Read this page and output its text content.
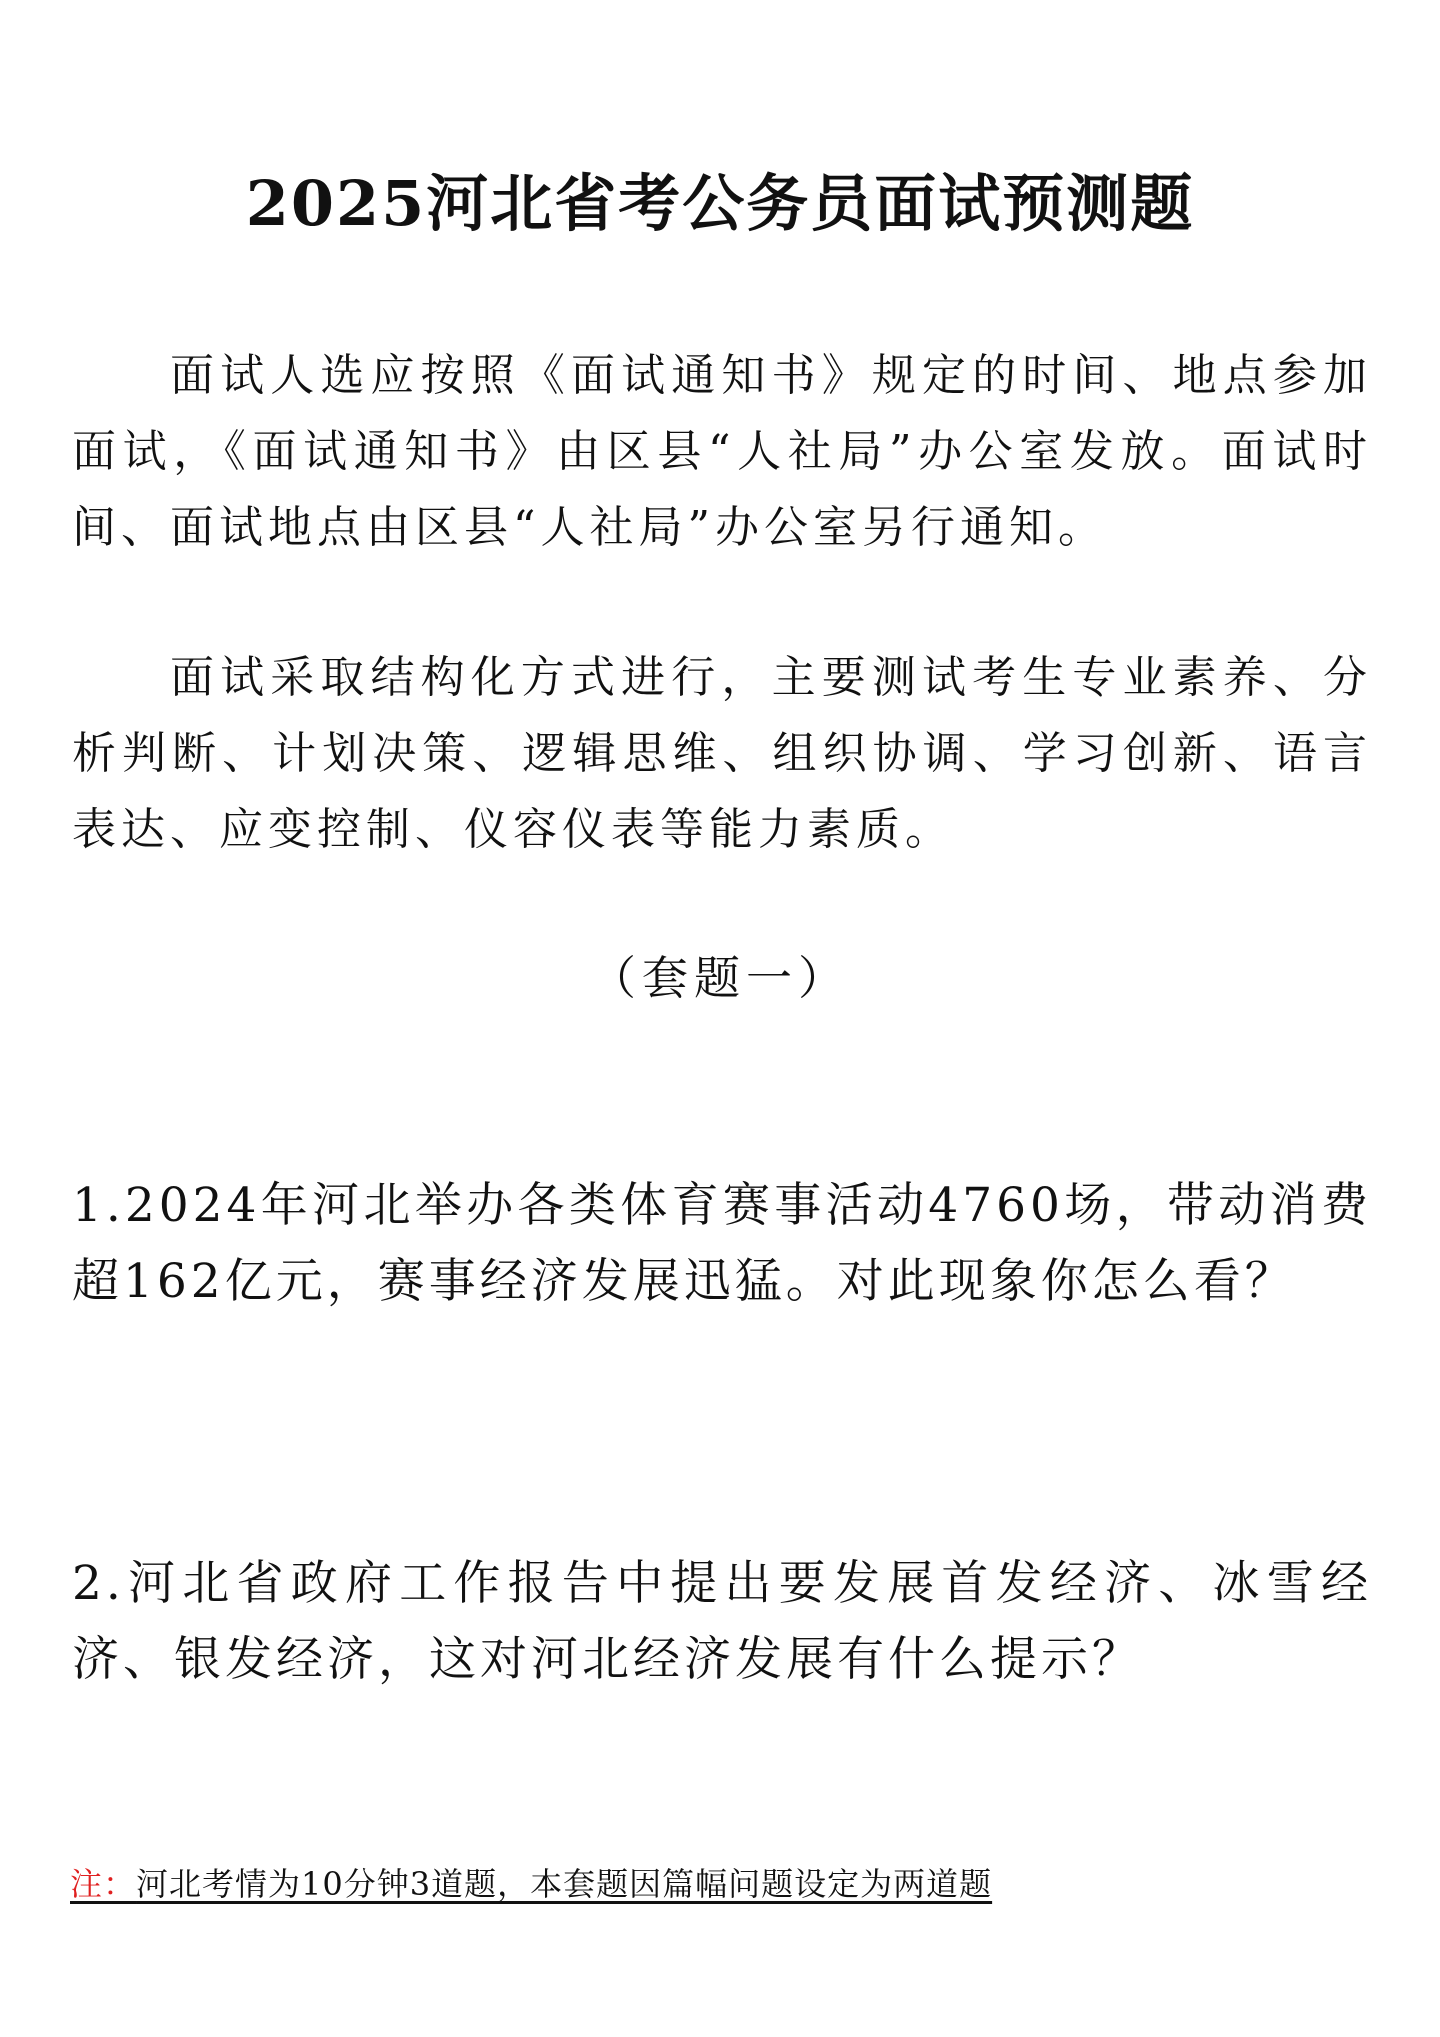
2025河北省考公务员面试预测题
面试人选应按照《面试通知书》规定的时间、地点参加面试，《面试通知书》由区县“人社局”办公室发放。面试时间、面试地点由区县“人社局”办公室另行通知。
面试采取结构化方式进行，主要测试考生专业素养、分析判断、计划决策、逻辑思维、组织协调、学习创新、语言表达、应变控制、仪容仪表等能力素质。
（套题一）
1.2024年河北举办各类体育赛事活动4760场，带动消费超162亿元，赛事经济发展迅猛。对此现象你怎么看？
2.河北省政府工作报告中提出要发展首发经济、冰雪经济、银发经济，这对河北经济发展有什么提示？
注：河北考情为10分钟3道题，本套题因篇幅问题设定为两道题
